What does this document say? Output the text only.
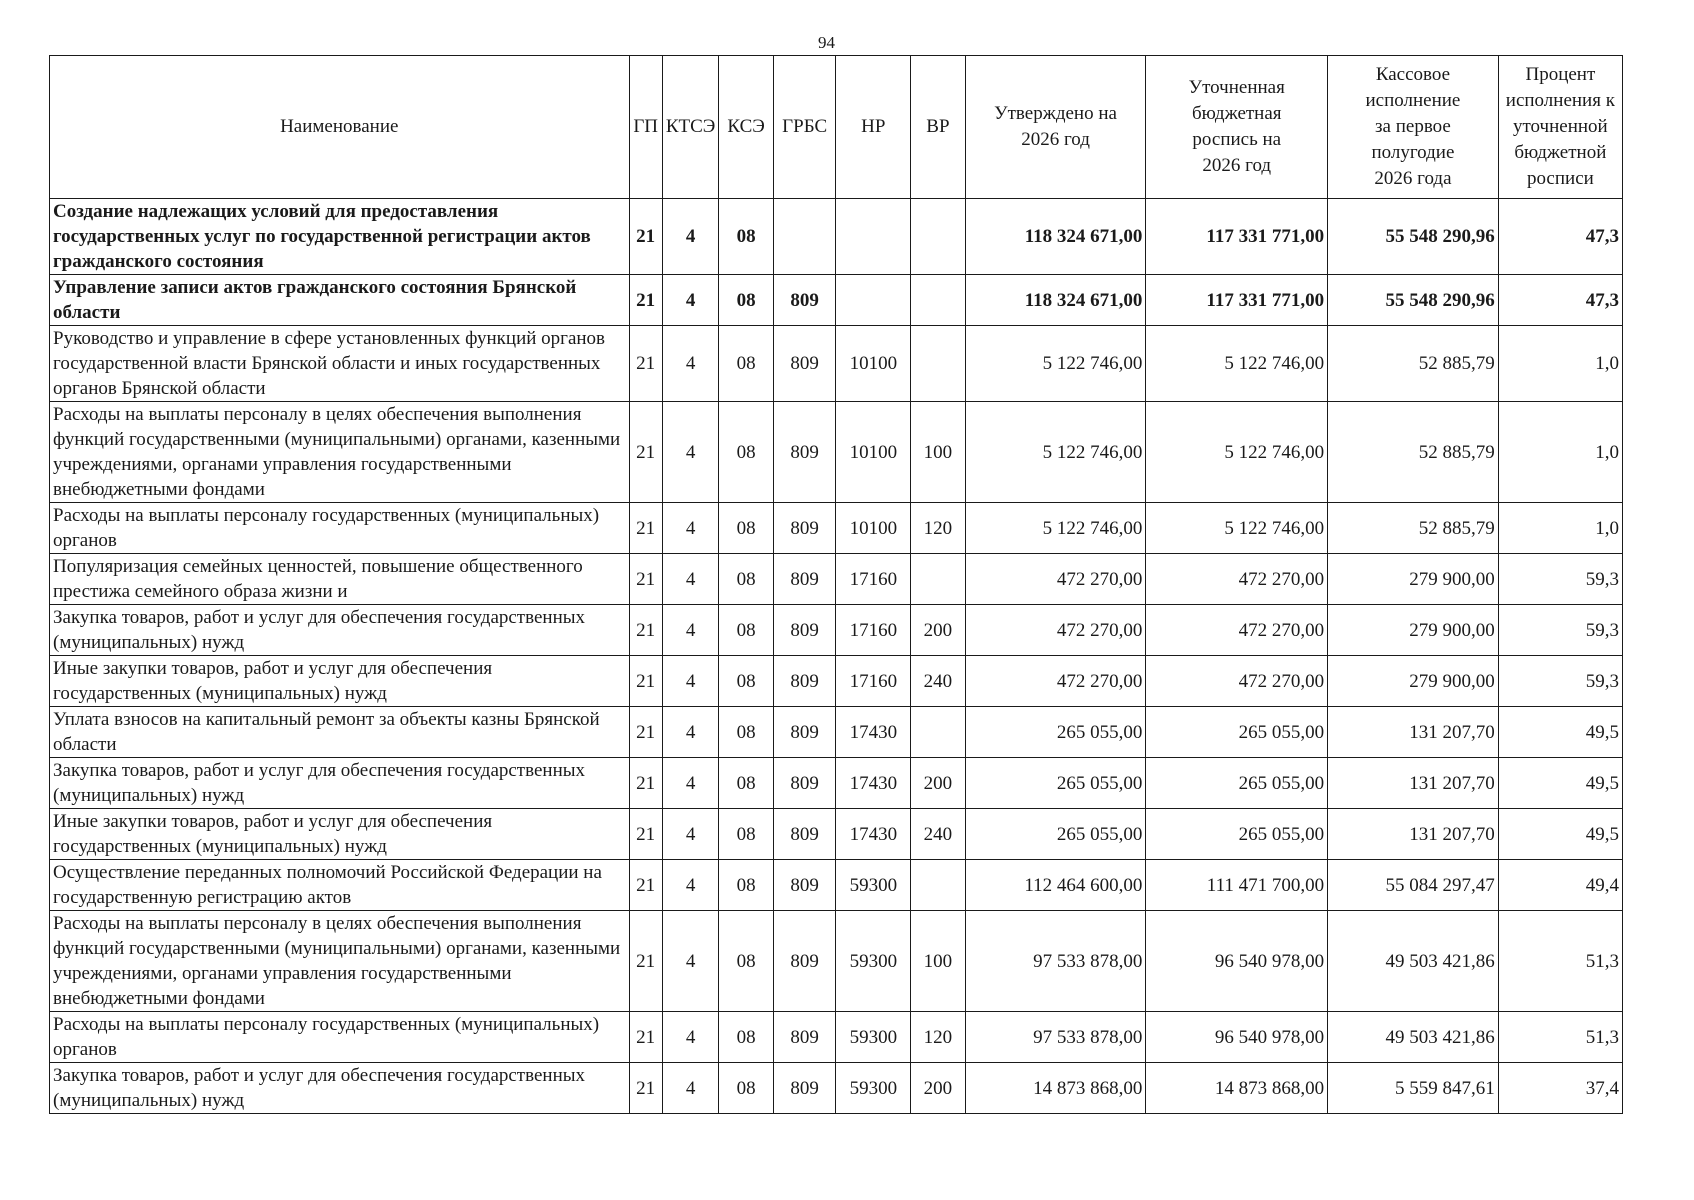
94
Наименование	ГП	КТСЭ	КСЭ	ГРБС	НР	ВР	Утверждено на 2026 год	Уточненная бюджетная роспись на 2026 год	Кассовое исполнение за первое полугодие 2026 года	Процент исполнения к уточненной бюджетной росписи
Создание надлежащих условий для предоставления государственных услуг по государственной регистрации актов гражданского состояния	21	4	08				118 324 671,00	117 331 771,00	55 548 290,96	47,3
Управление записи актов гражданского состояния Брянской области	21	4	08	809			118 324 671,00	117 331 771,00	55 548 290,96	47,3
Руководство и управление в сфере установленных функций органов государственной власти Брянской области и иных государственных органов Брянской области	21	4	08	809	10100		5 122 746,00	5 122 746,00	52 885,79	1,0
Расходы на выплаты персоналу в целях обеспечения выполнения функций государственными (муниципальными) органами, казенными учреждениями, органами управления государственными внебюджетными фондами	21	4	08	809	10100	100	5 122 746,00	5 122 746,00	52 885,79	1,0
Расходы на выплаты персоналу государственных (муниципальных) органов	21	4	08	809	10100	120	5 122 746,00	5 122 746,00	52 885,79	1,0
Популяризация семейных ценностей, повышение общественного престижа семейного образа жизни и	21	4	08	809	17160		472 270,00	472 270,00	279 900,00	59,3
Закупка товаров, работ и услуг для обеспечения государственных (муниципальных) нужд	21	4	08	809	17160	200	472 270,00	472 270,00	279 900,00	59,3
Иные закупки товаров, работ и услуг для обеспечения государственных (муниципальных) нужд	21	4	08	809	17160	240	472 270,00	472 270,00	279 900,00	59,3
Уплата взносов на капитальный ремонт за объекты казны Брянской области	21	4	08	809	17430		265 055,00	265 055,00	131 207,70	49,5
Закупка товаров, работ и услуг для обеспечения государственных (муниципальных) нужд	21	4	08	809	17430	200	265 055,00	265 055,00	131 207,70	49,5
Иные закупки товаров, работ и услуг для обеспечения государственных (муниципальных) нужд	21	4	08	809	17430	240	265 055,00	265 055,00	131 207,70	49,5
Осуществление переданных полномочий Российской Федерации на государственную регистрацию актов	21	4	08	809	59300		112 464 600,00	111 471 700,00	55 084 297,47	49,4
Расходы на выплаты персоналу в целях обеспечения выполнения функций государственными (муниципальными) органами, казенными учреждениями, органами управления государственными внебюджетными фондами	21	4	08	809	59300	100	97 533 878,00	96 540 978,00	49 503 421,86	51,3
Расходы на выплаты персоналу государственных (муниципальных) органов	21	4	08	809	59300	120	97 533 878,00	96 540 978,00	49 503 421,86	51,3
Закупка товаров, работ и услуг для обеспечения государственных (муниципальных) нужд	21	4	08	809	59300	200	14 873 868,00	14 873 868,00	5 559 847,61	37,4
